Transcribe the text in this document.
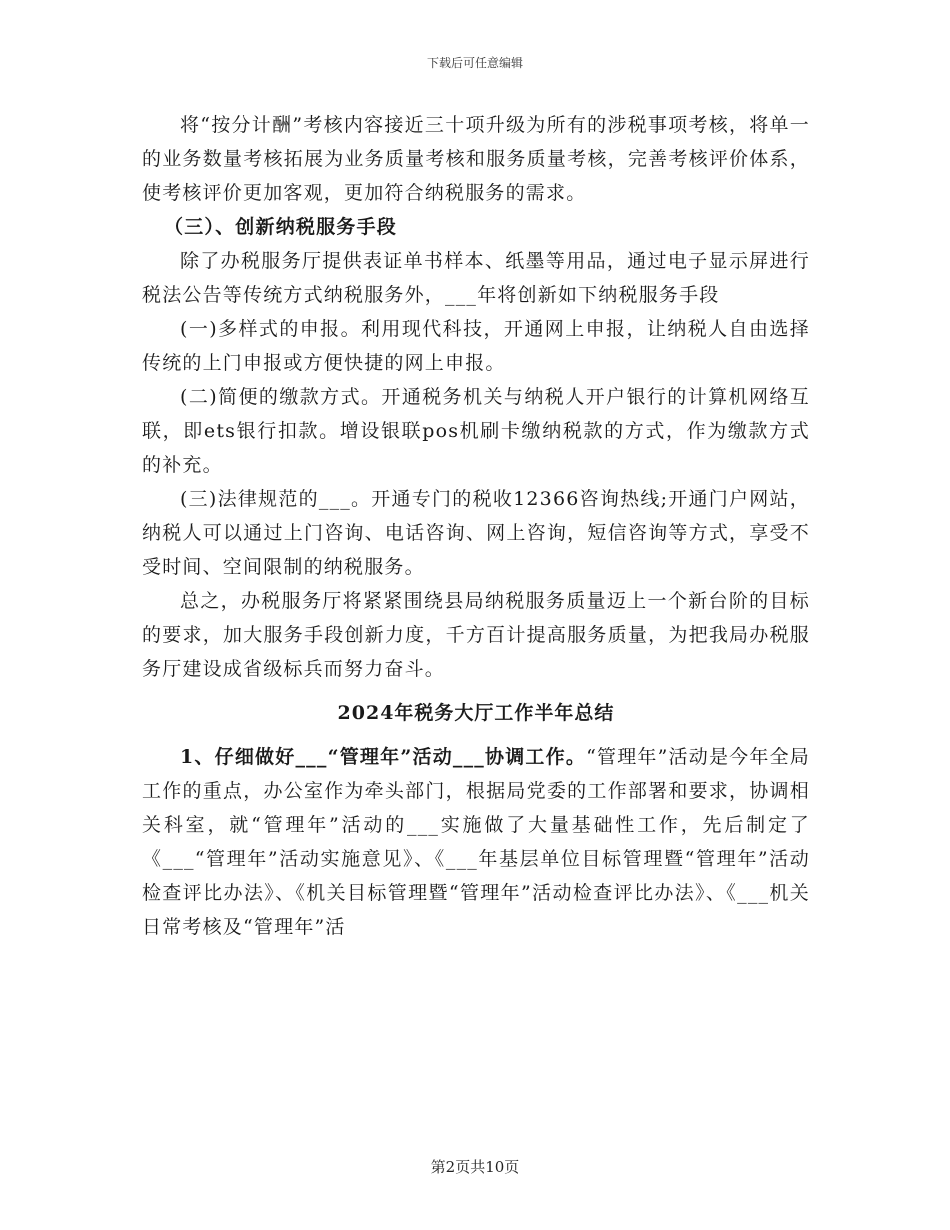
下载后可任意编辑

将“按分计酬”考核内容接近三十项升级为所有的涉税事项考核，将单一的业务数量考核拓展为业务质量考核和服务质量考核，完善考核评价体系，使考核评价更加客观，更加符合纳税服务的需求。

（三）、创新纳税服务手段

除了办税服务厅提供表证单书样本、纸墨等用品，通过电子显示屏进行税法公告等传统方式纳税服务外，___年将创新如下纳税服务手段

(一)多样式的申报。利用现代科技，开通网上申报，让纳税人自由选择传统的上门申报或方便快捷的网上申报。

(二)简便的缴款方式。开通税务机关与纳税人开户银行的计算机网络互联，即ets银行扣款。增设银联pos机刷卡缴纳税款的方式，作为缴款方式的补充。

(三)法律规范的___。开通专门的税收12366咨询热线;开通门户网站，纳税人可以通过上门咨询、电话咨询、网上咨询，短信咨询等方式，享受不受时间、空间限制的纳税服务。

总之，办税服务厅将紧紧围绕县局纳税服务质量迈上一个新台阶的目标的要求，加大服务手段创新力度，千方百计提高服务质量，为把我局办税服务厅建设成省级标兵而努力奋斗。

2024年税务大厅工作半年总结

1、仔细做好___“管理年”活动___协调工作。“管理年”活动是今年全局工作的重点，办公室作为牵头部门，根据局党委的工作部署和要求，协调相关科室，就“管理年”活动的___实施做了大量基础性工作，先后制定了《___“管理年”活动实施意见》、《___年基层单位目标管理暨“管理年”活动检查评比办法》、《机关目标管理暨“管理年”活动检查评比办法》、《___机关日常考核及“管理年”活

第2页共10页
